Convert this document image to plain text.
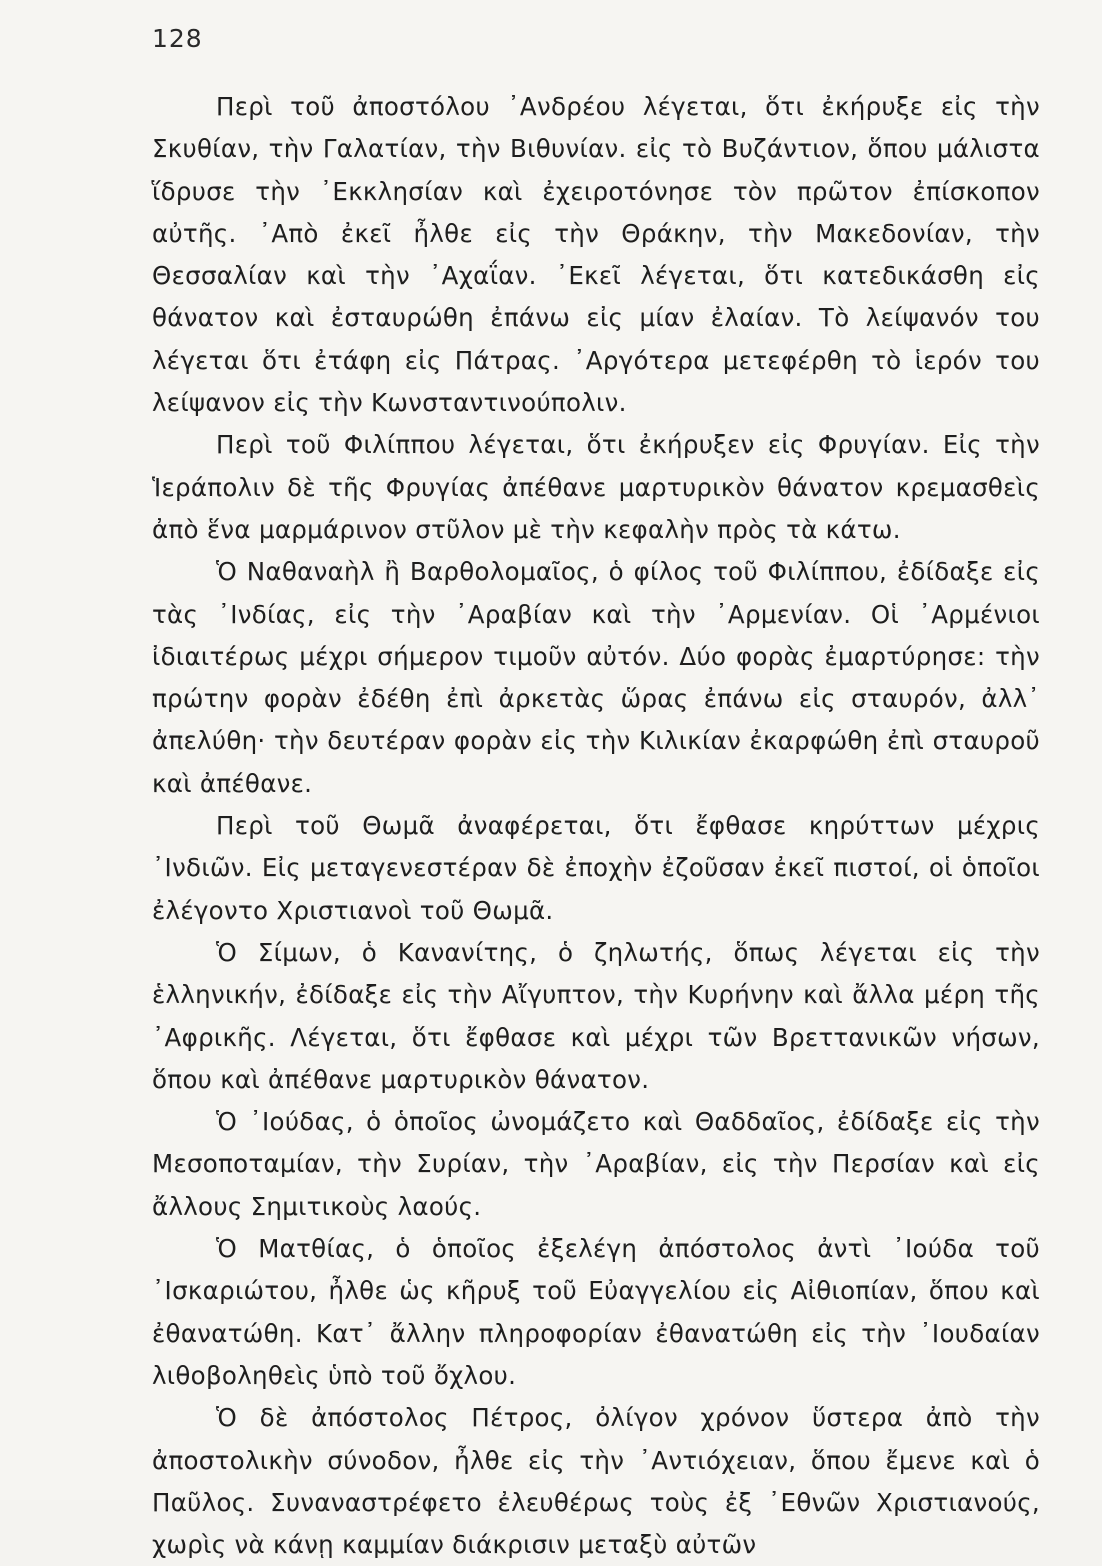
128

Περὶ τοῦ ἀποστόλου ᾿Ανδρέου λέγεται, ὅτι ἐκήρυξε εἰς τὴν Σκυθίαν, τὴν Γαλατίαν, τὴν Βιθυνίαν. εἰς τὸ Βυζάντιον, ὅπου μάλιστα ἵδρυσε τὴν ᾿Εκκλησίαν καὶ ἐχειροτόνησε τὸν πρῶτον ἐπίσκοπον αὐτῆς. ᾿Απὸ ἐκεῖ ἦλθε εἰς τὴν Θράκην, τὴν Μακεδονίαν, τὴν Θεσσαλίαν καὶ τὴν ᾿Αχαΐαν. ᾿Εκεῖ λέγεται, ὅτι κατεδικάσθη εἰς θάνατον καὶ ἐσταυρώθη ἐπάνω εἰς μίαν ἐλαίαν. Τὸ λείψανόν του λέγεται ὅτι ἐτάφη εἰς Πάτρας. ᾿Αργότερα μετεφέρθη τὸ ἱερόν του λείψανον εἰς τὴν Κωνσταντινούπολιν.

Περὶ τοῦ Φιλίππου λέγεται, ὅτι ἐκήρυξεν εἰς Φρυγίαν. Εἰς τὴν Ἱεράπολιν δὲ τῆς Φρυγίας ἀπέθανε μαρτυρικὸν θάνατον κρεμασθεὶς ἀπὸ ἕνα μαρμάρινον στῦλον μὲ τὴν κεφαλὴν πρὸς τὰ κάτω.

Ὁ Ναθαναὴλ ἢ Βαρθολομαῖος, ὁ φίλος τοῦ Φιλίππου, ἐδίδαξε εἰς τὰς ᾿Ινδίας, εἰς τὴν ᾿Αραβίαν καὶ τὴν ᾿Αρμενίαν. Οἱ ᾿Αρμένιοι ἰδιαιτέρως μέχρι σήμερον τιμοῦν αὐτόν. Δύο φορὰς ἐμαρτύρησε: τὴν πρώτην φορὰν ἐδέθη ἐπὶ ἀρκετὰς ὥρας ἐπάνω εἰς σταυρόν, ἀλλ᾿ ἀπελύθη· τὴν δευτέραν φορὰν εἰς τὴν Κιλικίαν ἐκαρφώθη ἐπὶ σταυροῦ καὶ ἀπέθανε.

Περὶ τοῦ Θωμᾶ ἀναφέρεται, ὅτι ἔφθασε κηρύττων μέχρις ᾿Ινδιῶν. Εἰς μεταγενεστέραν δὲ ἐποχὴν ἐζοῦσαν ἐκεῖ πιστοί, οἱ ὁποῖοι ἐλέγοντο Χριστιανοὶ τοῦ Θωμᾶ.

Ὁ Σίμων, ὁ Κανανίτης, ὁ ζηλωτής, ὅπως λέγεται εἰς τὴν ἑλληνικήν, ἐδίδαξε εἰς τὴν Αἴγυπτον, τὴν Κυρήνην καὶ ἄλλα μέρη τῆς ᾿Αφρικῆς. Λέγεται, ὅτι ἔφθασε καὶ μέχρι τῶν Βρεττανικῶν νήσων, ὅπου καὶ ἀπέθανε μαρτυρικὸν θάνατον.

Ὁ ᾿Ιούδας, ὁ ὁποῖος ὠνομάζετο καὶ Θαδδαῖος, ἐδίδαξε εἰς τὴν Μεσοποταμίαν, τὴν Συρίαν, τὴν ᾿Αραβίαν, εἰς τὴν Περσίαν καὶ εἰς ἄλλους Σημιτικοὺς λαούς.

Ὁ Ματθίας, ὁ ὁποῖος ἐξελέγη ἀπόστολος ἀντὶ ᾿Ιούδα τοῦ ᾿Ισκαριώτου, ἦλθε ὡς κῆρυξ τοῦ Εὐαγγελίου εἰς Αἰθιοπίαν, ὅπου καὶ ἐθανατώθη. Κατ᾿ ἄλλην πληροφορίαν ἐθανατώθη εἰς τὴν ᾿Ιουδαίαν λιθοβοληθεὶς ὑπὸ τοῦ ὄχλου.

Ὁ δὲ ἀπόστολος Πέτρος, ὀλίγον χρόνον ὕστερα ἀπὸ τὴν ἀποστολικὴν σύνοδον, ἦλθε εἰς τὴν ᾿Αντιόχειαν, ὅπου ἔμενε καὶ ὁ Παῦλος. Συναναστρέφετο ἐλευθέρως τοὺς ἐξ ᾿Εθνῶν Χριστιανούς, χωρὶς νὰ κάνῃ καμμίαν διάκρισιν μεταξὺ αὐτῶν
